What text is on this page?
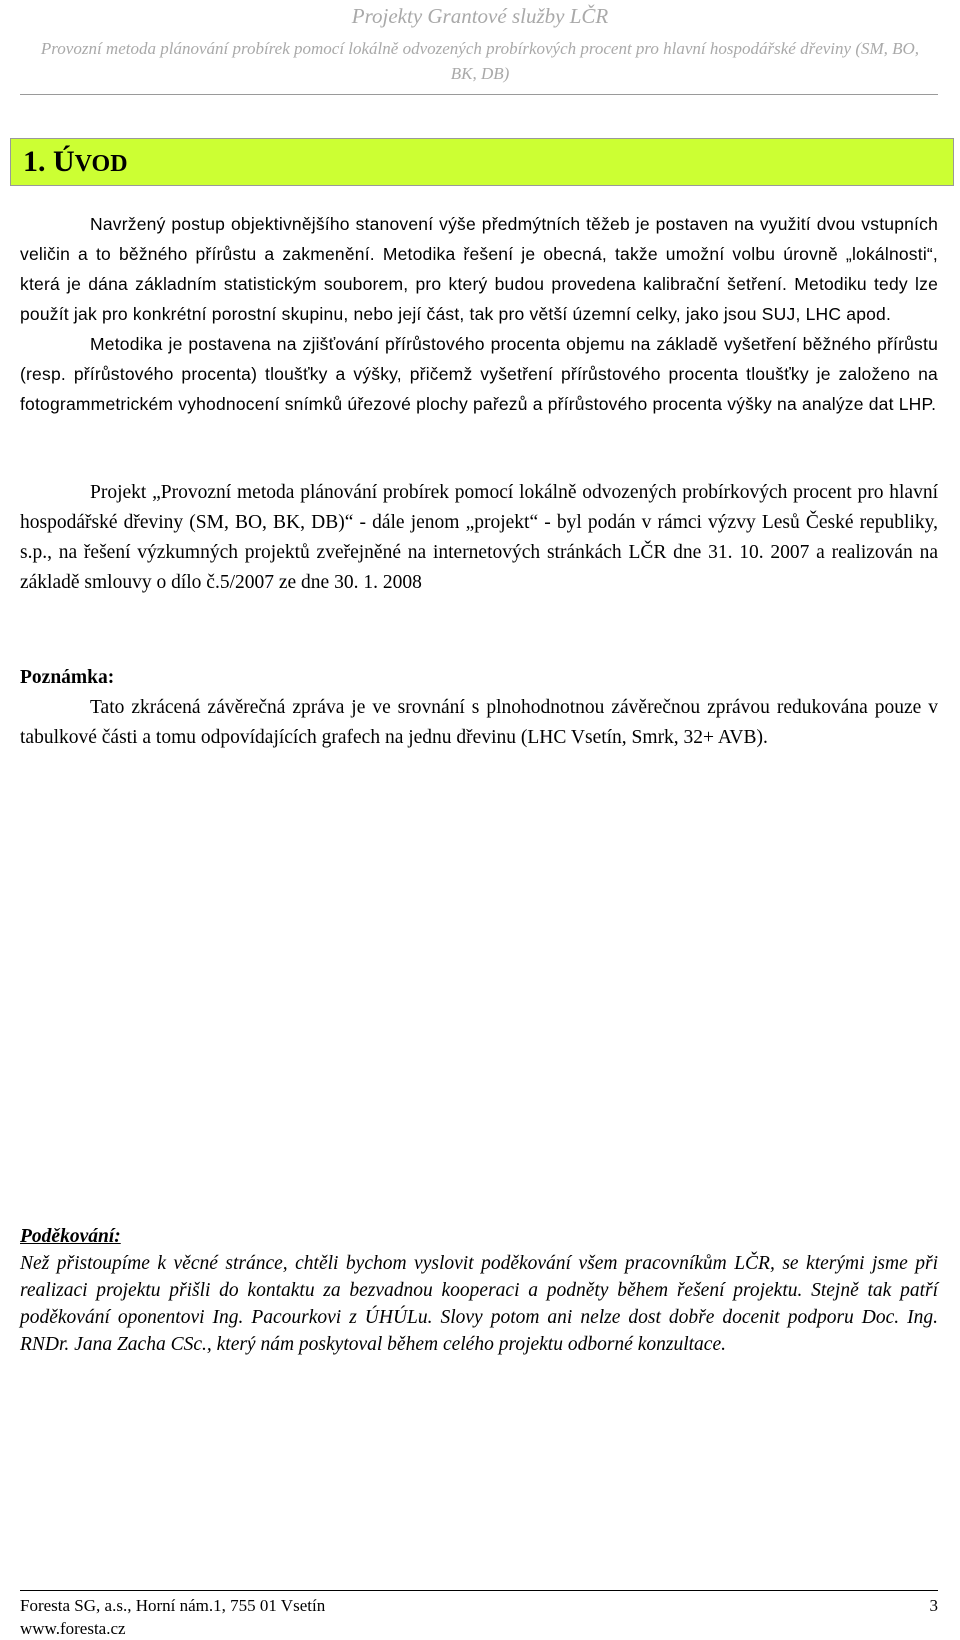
Projekty Grantové služby LČR
Provozní metoda plánování probírek pomocí lokálně odvozených probírkových procent pro hlavní hospodářské dřeviny (SM, BO, BK, DB)
1. ÚVOD

Navržený postup objektivnějšího stanovení výše předmýtních těžeb je postaven na využití dvou vstupních veličin a to běžného přírůstu a zakmenění. Metodika řešení je obecná, takže umožní volbu úrovně „lokálnosti“, která je dána základním statistickým souborem, pro který budou provedena kalibrační šetření. Metodiku tedy lze použít jak pro konkrétní porostní skupinu, nebo její část, tak pro větší územní celky, jako jsou SUJ, LHC apod.

Metodika je postavena na zjišťování přírůstového procenta objemu na základě vyšetření běžného přírůstu (resp. přírůstového procenta) tloušťky a výšky, přičemž vyšetření přírůstového procenta tloušťky je založeno na fotogrammetrickém vyhodnocení snímků úřezové plochy pařezů a přírůstového procenta výšky na analýze dat LHP.

Projekt „Provozní metoda plánování probírek pomocí lokálně odvozených probírkových procent pro hlavní hospodářské dřeviny (SM, BO, BK, DB)“ - dále jenom „projekt“ - byl podán v rámci výzvy Lesů České republiky, s.p., na řešení výzkumných projektů zveřejněné na internetových stránkách LČR dne 31. 10. 2007 a realizován na základě smlouvy o dílo č.5/2007 ze dne 30. 1. 2008

Poznámka:

Tato zkrácená závěrečná zpráva je ve srovnání s plnohodnotnou závěrečnou zprávou redukována pouze v tabulkové části a tomu odpovídajících grafech na jednu dřevinu (LHC Vsetín, Smrk, 32+ AVB).

Poděkování:

Než přistoupíme k věcné stránce, chtěli bychom vyslovit poděkování všem pracovníkům LČR, se kterými jsme při realizaci projektu přišli do kontaktu za bezvadnou kooperaci a podněty během řešení projektu. Stejně tak patří poděkování oponentovi Ing. Pacourkovi z ÚHÚLu. Slovy potom ani nelze dost dobře docenit podporu Doc. Ing. RNDr. Jana Zacha CSc., který nám poskytoval během celého projektu odborné konzultace.

Foresta SG, a.s., Horní nám.1, 755 01 Vsetín
www.foresta.cz
3
